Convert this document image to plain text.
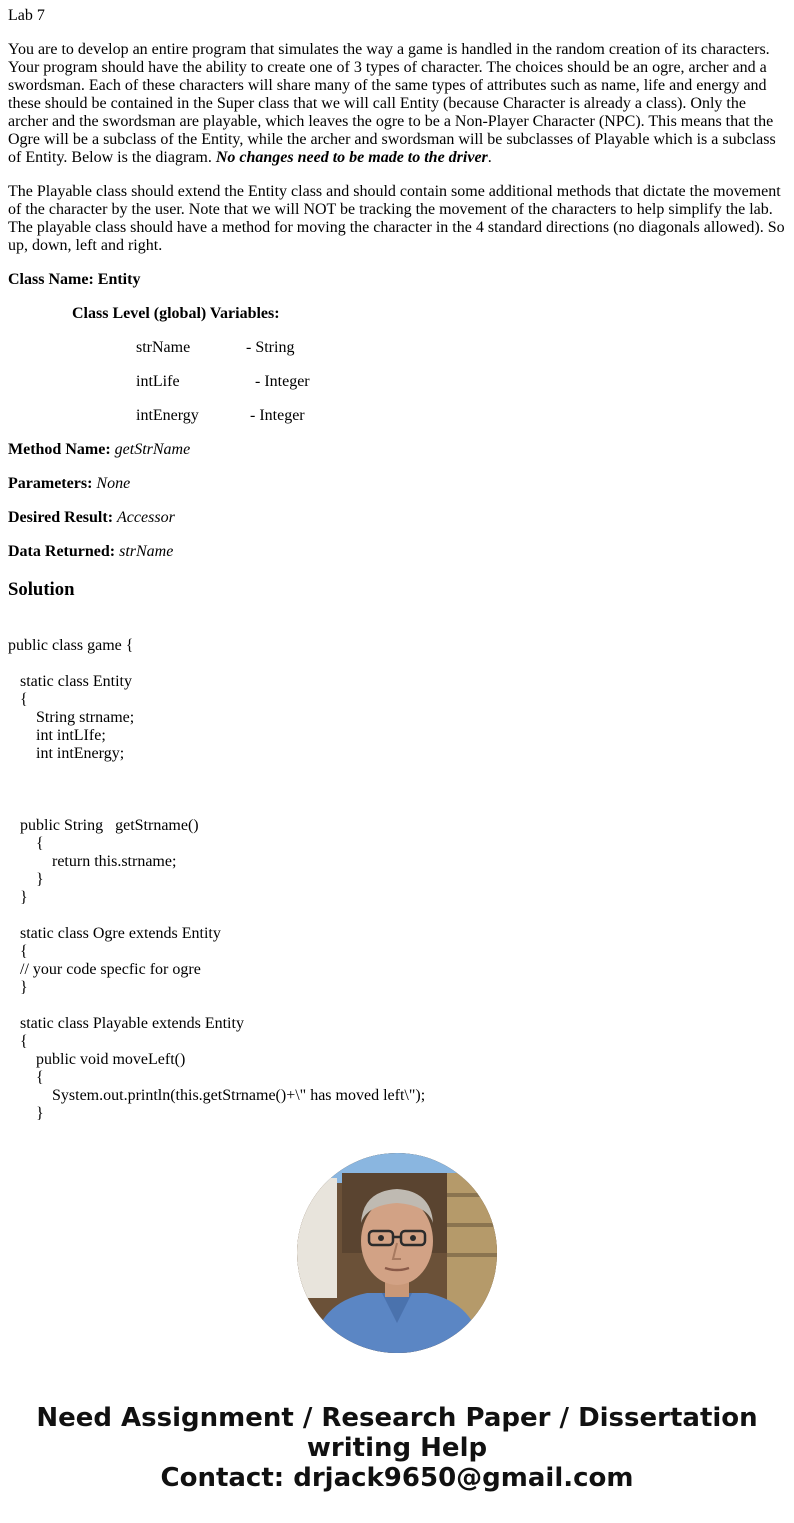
Lab 7

You are to develop an entire program that simulates the way a game is handled in the random creation of its characters. Your program should have the ability to create one of 3 types of character. The choices should be an ogre, archer and a swordsman. Each of these characters will share many of the same types of attributes such as name, life and energy and these should be contained in the Super class that we will call Entity (because Character is already a class). Only the archer and the swordsman are playable, which leaves the ogre to be a Non-Player Character (NPC). This means that the Ogre will be a subclass of the Entity, while the archer and swordsman will be subclasses of Playable which is a subclass of Entity. Below is the diagram. No changes need to be made to the driver.

The Playable class should extend the Entity class and should contain some additional methods that dictate the movement of the character by the user. Note that we will NOT be tracking the movement of the characters to help simplify the lab. The playable class should have a method for moving the character in the 4 standard directions (no diagonals allowed). So up, down, left and right.

Class Name: Entity

Class Level (global) Variables:

strName	- String
intLife	- Integer
intEnergy	- Integer

Method Name: getStrName

Parameters: None

Desired Result: Accessor

Data Returned: strName

Solution
public class game {
static class Entity
{
String strname;
int intLIfe;
int intEnergy;
public String   getStrname()
{
return this.strname;
}
}
static class Ogre extends Entity
{
// your code specfic for ogre
}
static class Playable extends Entity
{
public void moveLeft()
{
System.out.println(this.getStrname()+\" has moved left\");
}
Need Assignment / Research Paper / Dissertation
writing Help
Contact: drjack9650@gmail.com
